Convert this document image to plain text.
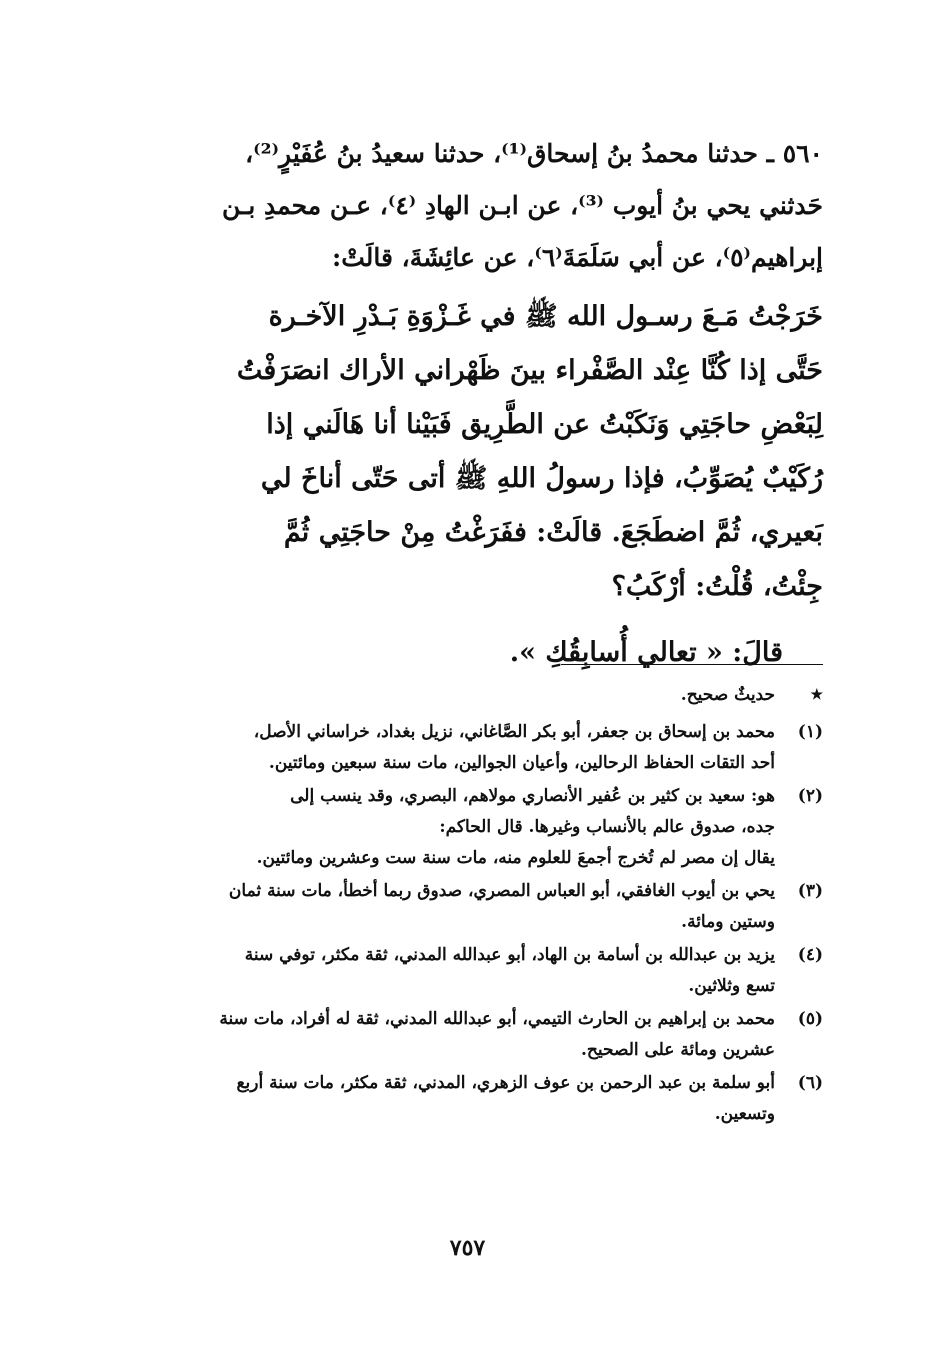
٥٦٠ ـ حدثنا محمدُ بنُ إسحاق⁽¹⁾، حدثنا سعيدُ بنُ عُفَيْرٍ⁽²⁾،

حَدثني يحي بنُ أيوب ⁽³⁾، عن ابـن الهادِ ⁽٤⁾، عـن محمدِ بـن

إبراهيم⁽٥⁾، عن أبي سَلَمَةَ⁽٦⁾، عن عائِشَةَ، قالَتْ:

خَرَجْتُ مَـعَ رسـول الله ﷺ في غَـزْوَةِ بَـدْرِ الآخـرة

حَتَّى إذا كُنَّا عِنْد الصَّفْراء بينَ ظَهْراني الأراك انصَرَفْتُ

لِبَعْضِ حاجَتِي وَنَكَبْتُ عن الطَّرِيق فَبَيْنا أنا هَالَني إذا

رُكَيْبٌ يُصَوِّبُ، فإذا رسولُ اللهِ ﷺ أتى حَتّى أناخَ لي

بَعيري، ثُمَّ اضطَجَعَ. قالَتْ: ففَرَغْتُ مِنْ حاجَتِي ثُمَّ

جِئْتُ، قُلْتُ: أرْكَبُ؟

قالَ: « تعالي أُسابِقُكِ ».

★
حديثٌ صحيح.
(١)
محمد بن إسحاق بن جعفر، أبو بكر الصَّاغاني، نزيل بغداد، خراساني الأصل،
أحد التقات الحفاظ الرحالين، وأعيان الجوالين، مات سنة سبعين ومائتين.
(٢)
هو: سعيد بن كثير بن عُفير الأنصاري مولاهم، البصري، وقد ينسب إلى
جده، صدوق عالم بالأنساب وغيرها. قال الحاكم:
يقال إن مصر لم تُخرج أجمعَ للعلوم منه، مات سنة ست وعشرين ومائتين.
(٣)
يحي بن أيوب الغافقي، أبو العباس المصري، صدوق ربما أخطأ، مات سنة ثمان
وستين ومائة.
(٤)
يزيد بن عبدالله بن أسامة بن الهاد، أبو عبدالله المدني، ثقة مكثر، توفي سنة
تسع وثلاثين.
(٥)
محمد بن إبراهيم بن الحارث التيمي، أبو عبدالله المدني، ثقة له أفراد، مات سنة
عشرين ومائة على الصحيح.
(٦)
أبو سلمة بن عبد الرحمن بن عوف الزهري، المدني، ثقة مكثر، مات سنة أربع
وتسعين.
٧٥٧
